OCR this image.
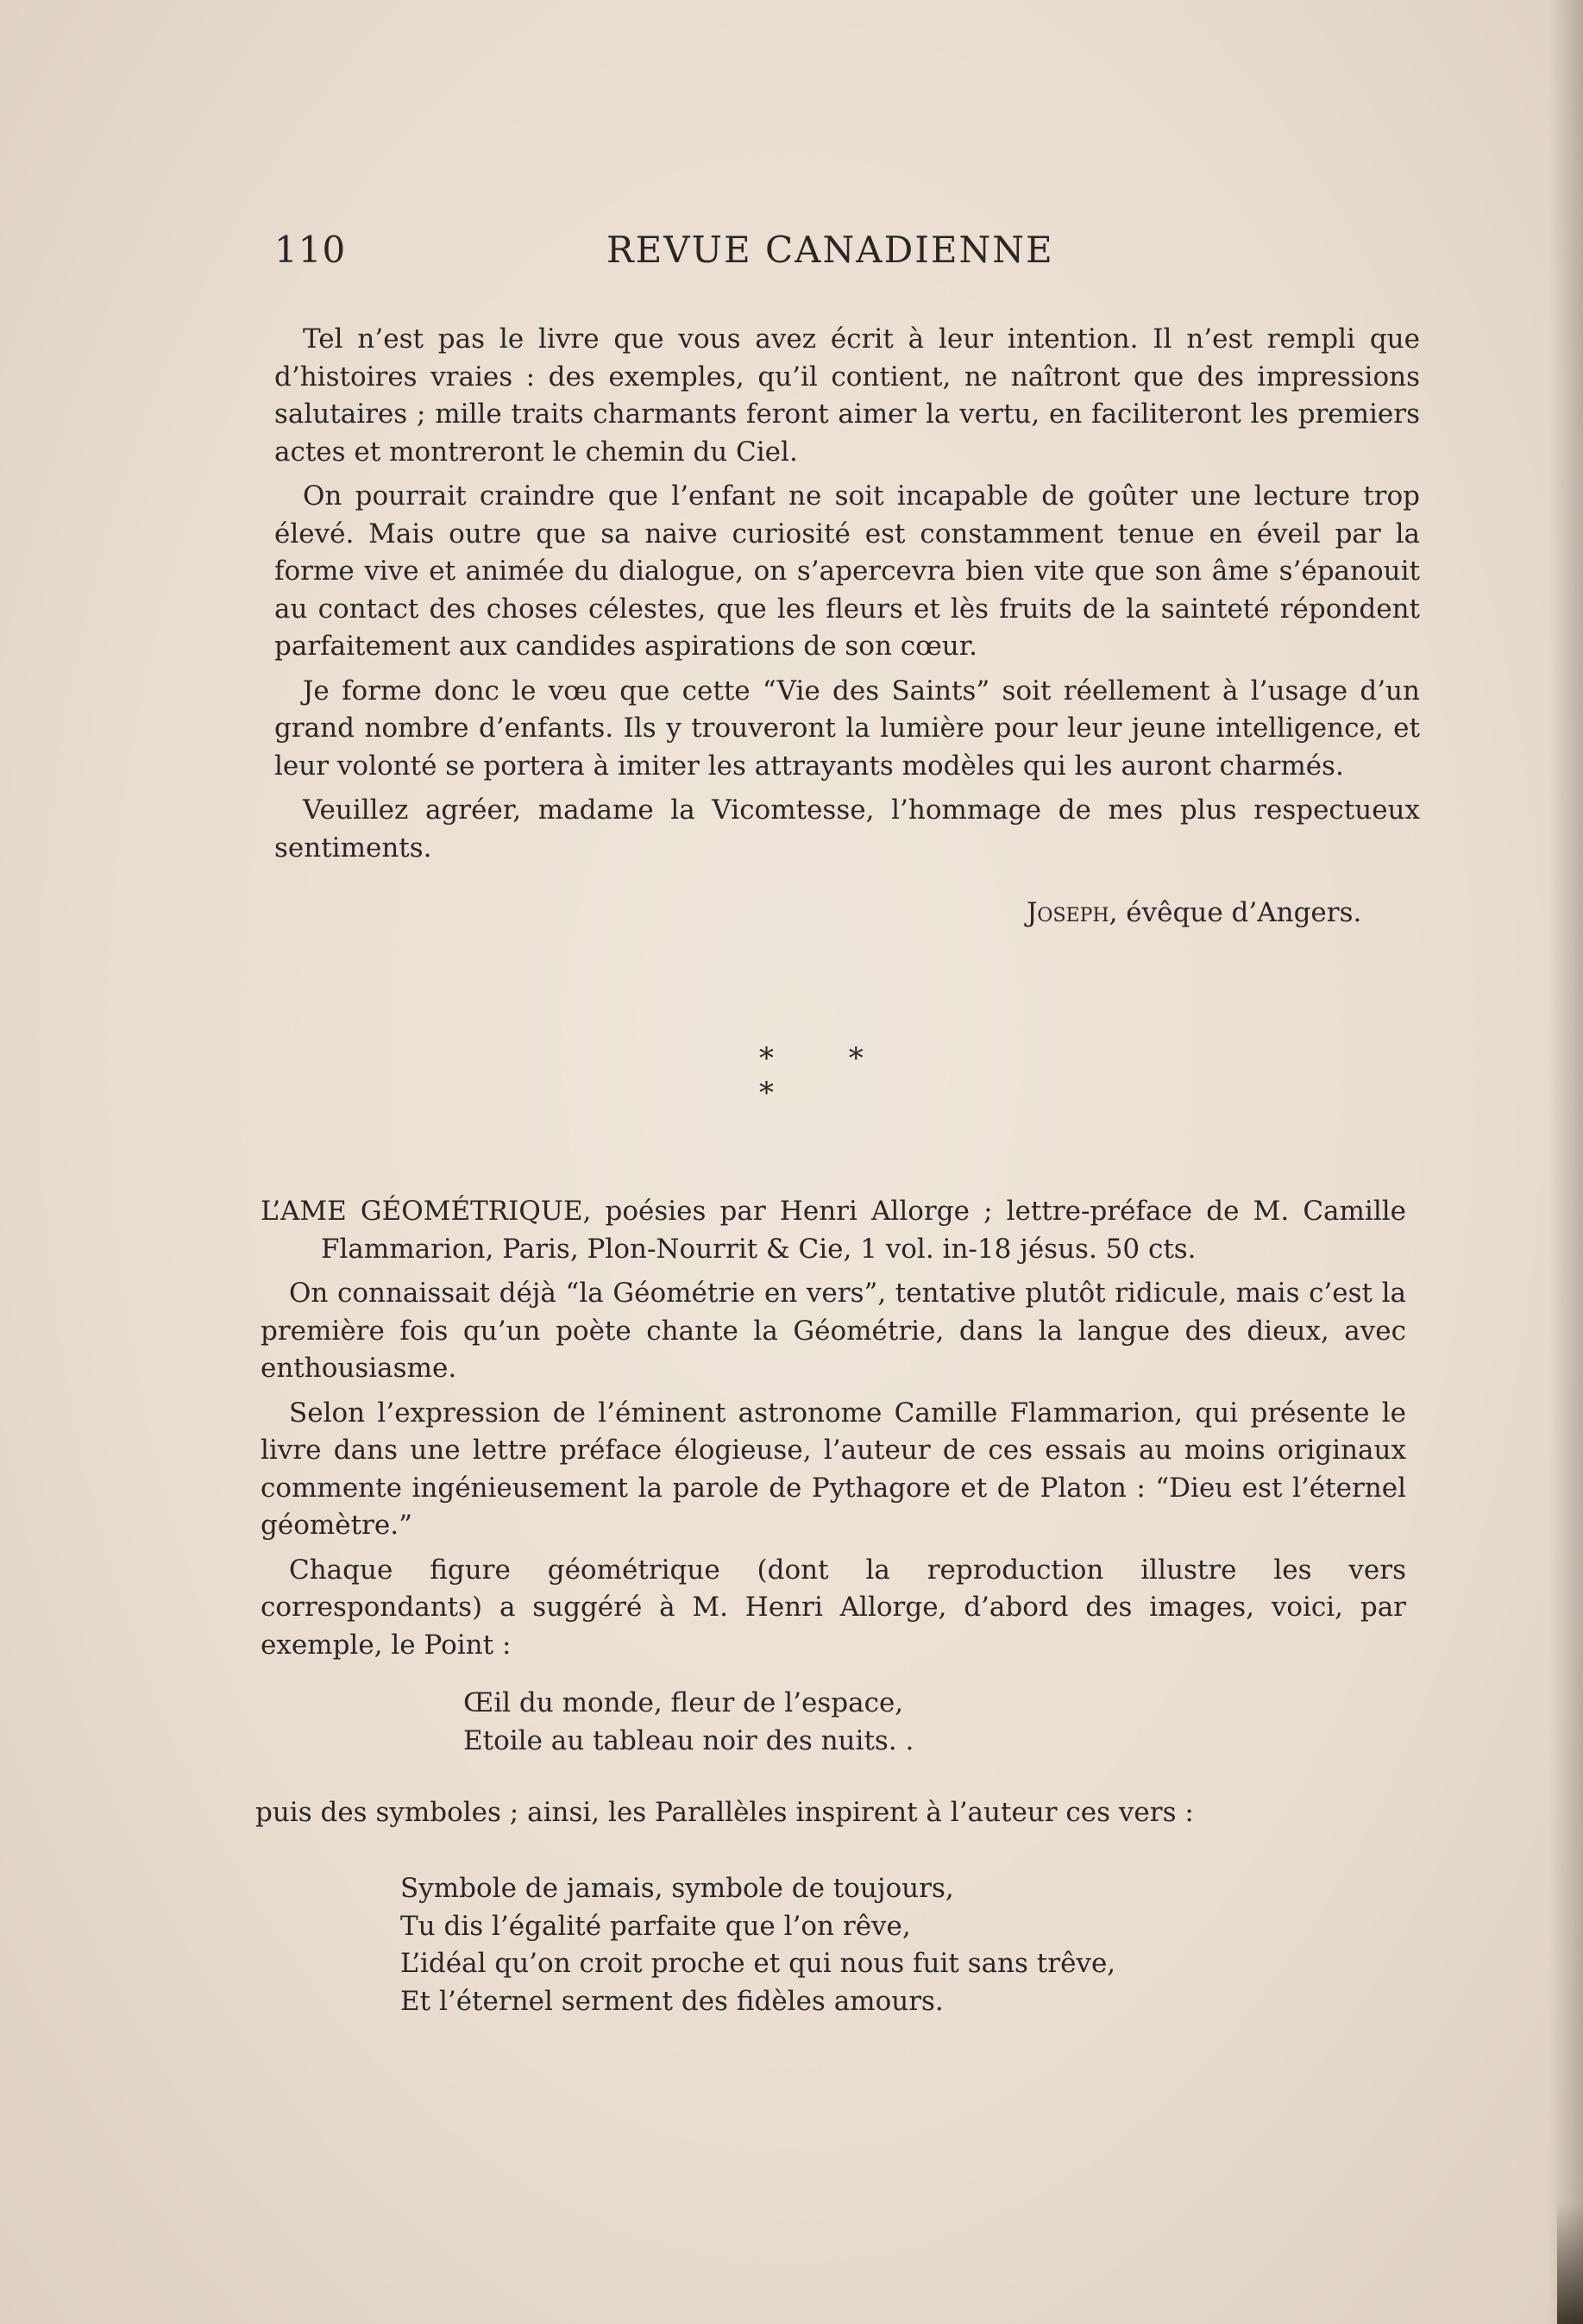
110	REVUE CANADIENNE

Tel n’est pas le livre que vous avez écrit à leur intention. Il n’est rempli que d’histoires vraies : des exemples, qu’il contient, ne naîtront que des impressions salutaires ; mille traits charmants feront aimer la vertu, en faciliteront les premiers actes et montreront le chemin du Ciel.

On pourrait craindre que l’enfant ne soit incapable de goûter une lecture trop élevé. Mais outre que sa naive curiosité est constamment tenue en éveil par la forme vive et animée du dialogue, on s’apercevra bien vite que son âme s’épanouit au contact des choses célestes, que les fleurs et lès fruits de la sainteté répondent parfaitement aux candides aspirations de son cœur.

Je forme donc le vœu que cette “Vie des Saints” soit réellement à l’usage d’un grand nombre d’enfants. Ils y trouveront la lumière pour leur jeune intelligence, et leur volonté se portera à imiter les attrayants modèles qui les auront charmés.

Veuillez agréer, madame la Vicomtesse, l’hommage de mes plus respectueux sentiments.

Joseph, évêque d’Angers.
* * *

L’AME GÉOMÉTRIQUE, poésies par Henri Allorge ; lettre-préface de M. Camille Flammarion, Paris, Plon-Nourrit & Cie, 1 vol. in-18 jésus. 50 cts.

On connaissait déjà “la Géométrie en vers”, tentative plutôt ridicule, mais c’est la première fois qu’un poète chante la Géométrie, dans la langue des dieux, avec enthousiasme.

Selon l’expression de l’éminent astronome Camille Flammarion, qui présente le livre dans une lettre préface élogieuse, l’auteur de ces essais au moins originaux commente ingénieusement la parole de Pythagore et de Platon : “Dieu est l’éternel géomètre.”

Chaque figure géométrique (dont la reproduction illustre les vers correspondants) a suggéré à M. Henri Allorge, d’abord des images, voici, par exemple, le Point :

Œil du monde, fleur de l’espace,
Etoile au tableau noir des nuits. .
puis des symboles ; ainsi, les Parallèles inspirent à l’auteur ces vers :
Symbole de jamais, symbole de toujours,
Tu dis l’égalité parfaite que l’on rêve,
L’idéal qu’on croit proche et qui nous fuit sans trêve,
Et l’éternel serment des fidèles amours.
